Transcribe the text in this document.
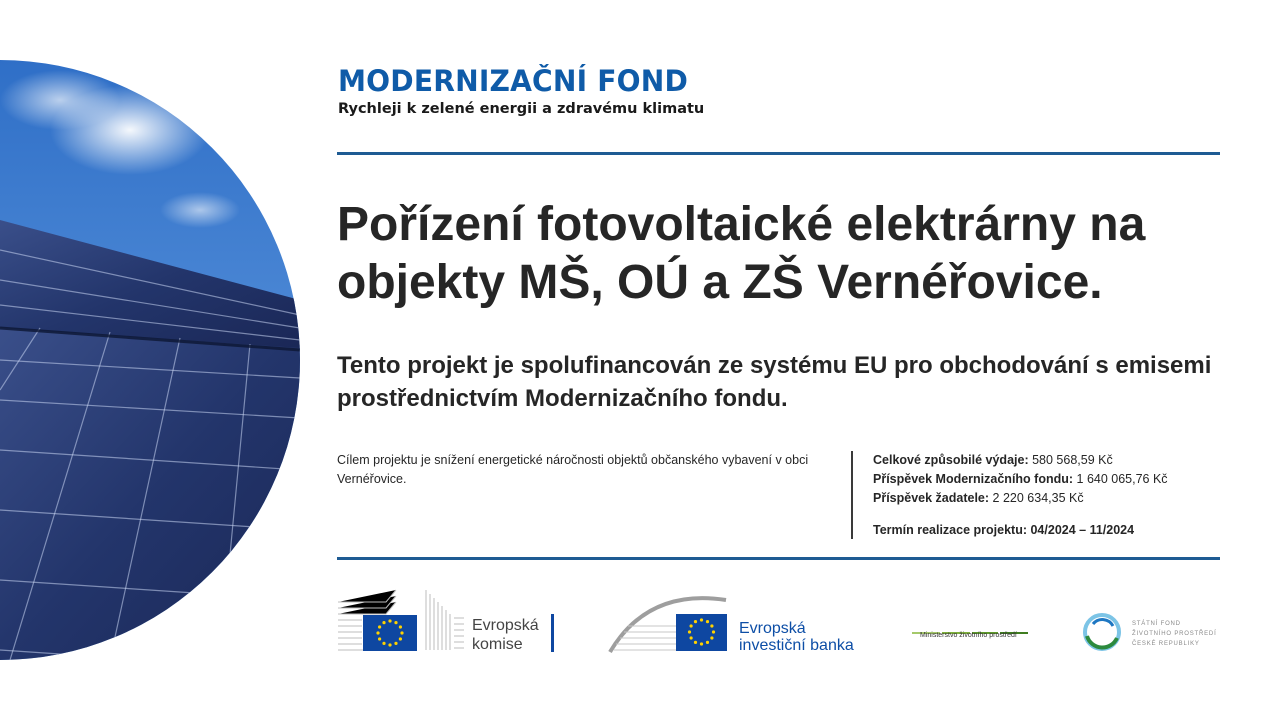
MODERNIZAČNÍ FOND
Rychleji k zelené energii a zdravému klimatu
Pořízení fotovoltaické elektrárny na objekty MŠ, OÚ a ZŠ Vernéřovice.

Tento projekt je spolufinancován ze systému EU pro obchodování s emisemi prostřednictvím Modernizačního fondu.

Cílem projektu je snížení energetické náročnosti objektů občanského vybavení v obci Vernéřovice.

Celkové způsobilé výdaje: 580 568,59 Kč
Příspěvek Modernizačního fondu: 1 640 065,76 Kč
Příspěvek žadatele: 2 220 634,35 Kč
Termín realizace projektu: 04/2024 – 11/2024
Evropská
komise
Evropská
investiční banka
Ministerstvo životního prostředí
STÁTNÍ FOND
ŽIVOTNÍHO PROSTŘEDÍ
ČESKÉ REPUBLIKY
